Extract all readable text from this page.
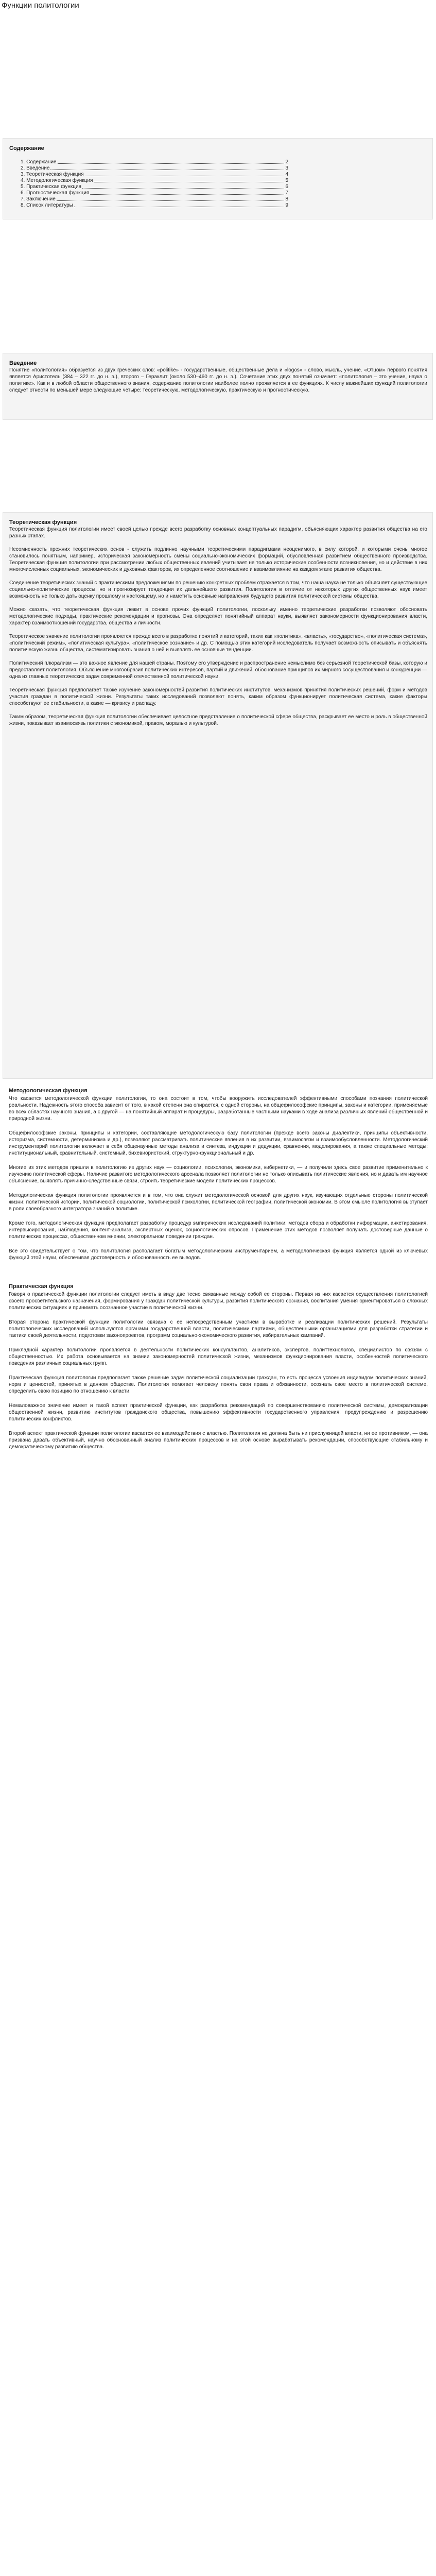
Функции политологии
Содержание
1. Содержание	2
2. Введение	3
3. Теоретическая функция	4
4. Методологическая функция	5
5. Практическая функция	6
6. Прогностическая функция	7
7. Заключение	8
8. Список литературы	9
Введение

Понятие «политология» образуется из двух греческих слов: «politike» - государственные, общественные дела и «logos» - слово, мысль, учение. «Отцом» первого понятия является Аристотель (384 – 322 гг. до н. э.), второго – Гераклит (около 530–460 гг. до н. э.). Сочетание этих двух понятий означает: «политология – это учение, наука о политике». Как и в любой области общественного знания, содержание политологии наиболее полно проявляется в ее функциях. К числу важнейших функций политологии следует отнести по меньшей мере следующие четыре: теоретическую, методологическую, практическую и прогностическую.

Теоретическая функция

Теоретическая функция политологии имеет своей целью прежде всего разработку основных концептуальных парадигм, объясняющих характер развития общества на его разных этапах.

Несомненность прежних теоретических основ - служить подлинно научными теоретическими парадигмами неоценимого, в силу которой, и которыми очень многое становилось понятным, например, историческая закономерность смены социально-экономических формаций, обусловленная развитием общественного производства. Теоретическая функция политологии при рассмотрении любых общественных явлений учитывает не только исторические особенности возникновения, но и действие в них многочисленных социальных, экономических и духовных факторов, их определенное соотношение и взаимовлияние на каждом этапе развития общества.

Соединение теоретических знаний с практическими предложениями по решению конкретных проблем отражается в том, что наша наука не только объясняет существующие социально-политические процессы, но и прогнозирует тенденции их дальнейшего развития. Политология в отличие от некоторых других общественных наук имеет возможность не только дать оценку прошлому и настоящему, но и наметить основные направления будущего развития политической системы общества.

Можно сказать, что теоретическая функция лежит в основе прочих функций политологии, поскольку именно теоретические разработки позволяют обосновать методологические подходы, практические рекомендации и прогнозы. Она определяет понятийный аппарат науки, выявляет закономерности функционирования власти, характер взаимоотношений государства, общества и личности.

Теоретическое значение политологии проявляется прежде всего в разработке понятий и категорий, таких как «политика», «власть», «государство», «политическая система», «политический режим», «политическая культура», «политическое сознание» и др. С помощью этих категорий исследователь получает возможность описывать и объяснять политическую жизнь общества, систематизировать знания о ней и выявлять ее основные тенденции.

Политический плюрализм — это важное явление для нашей страны. Поэтому его утверждение и распространение немыслимо без серьезной теоретической базы, которую и предоставляет политология. Объяснение многообразия политических интересов, партий и движений, обоснование принципов их мирного сосуществования и конкуренции — одна из главных теоретических задач современной отечественной политической науки.

Теоретическая функция предполагает также изучение закономерностей развития политических институтов, механизмов принятия политических решений, форм и методов участия граждан в политической жизни. Результаты таких исследований позволяют понять, каким образом функционирует политическая система, какие факторы способствуют ее стабильности, а какие — кризису и распаду.

Таким образом, теоретическая функция политологии обеспечивает целостное представление о политической сфере общества, раскрывает ее место и роль в общественной жизни, показывает взаимосвязь политики с экономикой, правом, моралью и культурой.

Методологическая функция

Что касается методологической функции политологии, то она состоит в том, чтобы вооружить исследователей эффективными способами познания политической реальности. Надежность этого способа зависит от того, в какой степени она опирается, с одной стороны, на общефилософские принципы, законы и категории, применяемые во всех областях научного знания, а с другой — на понятийный аппарат и процедуры, разработанные частными науками в ходе анализа различных явлений общественной и природной жизни.

Общефилософские законы, принципы и категории, составляющие методологическую базу политологии (прежде всего законы диалектики, принципы объективности, историзма, системности, детерминизма и др.), позволяют рассматривать политические явления в их развитии, взаимосвязи и взаимообусловленности. Методологический инструментарий политологии включает в себя общенаучные методы анализа и синтеза, индукции и дедукции, сравнения, моделирования, а также специальные методы: институциональный, сравнительный, системный, бихевиористский, структурно-функциональный и др.

Многие из этих методов пришли в политологию из других наук — социологии, психологии, экономики, кибернетики, — и получили здесь свое развитие применительно к изучению политической сферы. Наличие развитого методологического арсенала позволяет политологии не только описывать политические явления, но и давать им научное объяснение, выявлять причинно-следственные связи, строить теоретические модели политических процессов.

Методологическая функция политологии проявляется и в том, что она служит методологической основой для других наук, изучающих отдельные стороны политической жизни: политической истории, политической социологии, политической психологии, политической географии, политической экономии. В этом смысле политология выступает в роли своеобразного интегратора знаний о политике.

Кроме того, методологическая функция предполагает разработку процедур эмпирических исследований политики: методов сбора и обработки информации, анкетирования, интервьюирования, наблюдения, контент-анализа, экспертных оценок, социологических опросов. Применение этих методов позволяет получать достоверные данные о политических процессах, общественном мнении, электоральном поведении граждан.

Все это свидетельствует о том, что политология располагает богатым методологическим инструментарием, а методологическая функция является одной из ключевых функций этой науки, обеспечивая достоверность и обоснованность ее выводов.

Практическая функция

Говоря о практической функции политологии следует иметь в виду две тесно связанные между собой ее стороны. Первая из них касается осуществления политологией своего просветительского назначения, формирования у граждан политической культуры, развития политического сознания, воспитания умения ориентироваться в сложных политических ситуациях и принимать осознанное участие в политической жизни.

Вторая сторона практической функции политологии связана с ее непосредственным участием в выработке и реализации политических решений. Результаты политологических исследований используются органами государственной власти, политическими партиями, общественными организациями для разработки стратегии и тактики своей деятельности, подготовки законопроектов, программ социально-экономического развития, избирательных кампаний.

Прикладной характер политологии проявляется в деятельности политических консультантов, аналитиков, экспертов, политтехнологов, специалистов по связям с общественностью. Их работа основывается на знании закономерностей политической жизни, механизмов функционирования власти, особенностей политического поведения различных социальных групп.

Практическая функция политологии предполагает также решение задач политической социализации граждан, то есть процесса усвоения индивидом политических знаний, норм и ценностей, принятых в данном обществе. Политология помогает человеку понять свои права и обязанности, осознать свое место в политической системе, определить свою позицию по отношению к власти.

Немаловажное значение имеет и такой аспект практической функции, как разработка рекомендаций по совершенствованию политической системы, демократизации общественной жизни, развитию институтов гражданского общества, повышению эффективности государственного управления, предупреждению и разрешению политических конфликтов.

Второй аспект практической функции политологии касается ее взаимодействия с властью. Политология не должна быть ни прислужницей власти, ни ее противником, — она призвана давать объективный, научно обоснованный анализ политических процессов и на этой основе вырабатывать рекомендации, способствующие стабильному и демократическому развитию общества.
